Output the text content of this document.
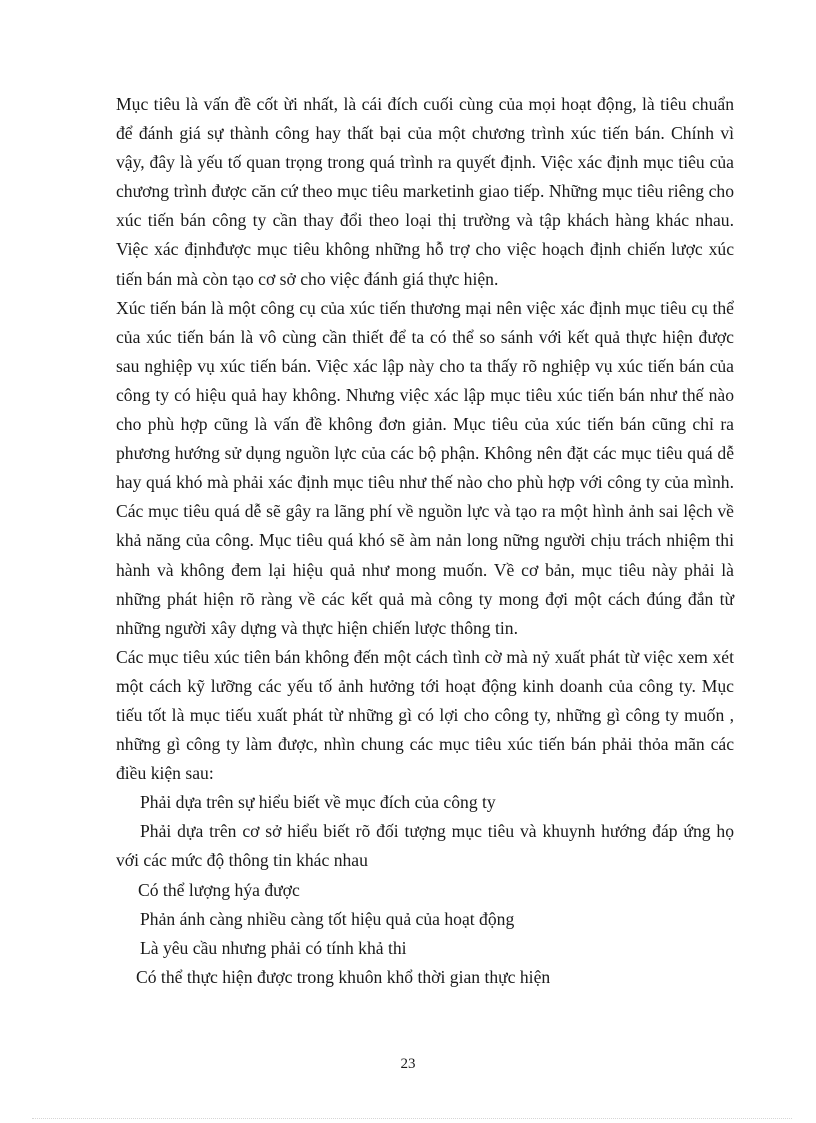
Mục tiêu là vấn đề cốt ừi nhất, là cái đích cuối cùng của mọi hoạt động, là tiêu chuẩn để đánh giá sự thành công hay thất bại của một chương trình xúc tiến bán. Chính vì vậy, đây là yếu tố quan trọng trong quá trình ra quyết định. Việc xác định mục tiêu của chương trình được căn cứ theo mục tiêu marketinh giao tiếp. Những mục tiêu riêng cho xúc tiến bán công ty cần thay đổi theo loại thị trường và tập khách hàng khác nhau. Việc xác địnhđược mục tiêu không những hỗ trợ cho việc hoạch định chiến lược xúc tiến bán mà còn tạo cơ sở cho việc đánh giá thực hiện.

Xúc tiến bán là một công cụ của xúc tiến thương mại nên việc xác định mục tiêu cụ thể của xúc tiến bán là vô cùng cần thiết để ta có thể so sánh với kết quả thực hiện được sau nghiệp vụ xúc tiến bán. Việc xác lập này cho ta thấy rõ nghiệp vụ xúc tiến bán của công ty có hiệu quả hay không. Nhưng việc xác lập mục tiêu xúc tiến bán như thế nào cho phù hợp cũng là vấn đề không đơn giản. Mục tiêu của xúc tiến bán cũng chỉ ra phương hướng sử dụng nguồn lực của các bộ phận. Không nên đặt các mục tiêu quá dễ hay quá khó mà phải xác định mục tiêu như thế nào cho phù hợp với công ty của mình. Các mục tiêu quá dễ sẽ gây ra lãng phí về nguồn lực và tạo ra một hình ảnh sai lệch về khả năng của công. Mục tiêu quá khó sẽ àm nản long nững người chịu trách nhiệm thi hành và không đem lại hiệu quả như mong muốn. Về cơ bản, mục tiêu này phải là những phát hiện rõ ràng về các kết quả mà công ty mong đợi một cách đúng đắn từ những người xây dựng và thực hiện chiến lược thông tin.

Các mục tiêu xúc tiên bán không đến một cách tình cờ mà nỷ xuất phát từ việc xem xét một cách kỹ lưỡng các yếu tố ảnh hưởng tới hoạt động kinh doanh của công ty. Mục tiếu tốt là mục tiếu xuất phát từ những gì có lợi cho công ty, những gì công ty muốn , những gì công ty làm được, nhìn chung các mục tiêu xúc tiến bán phải thỏa mãn các điều kiện sau:

Phải dựa trên sự hiểu biết về mục đích của công ty

Phải dựa trên cơ sở hiểu biết rõ đối tượng mục tiêu và khuynh hướng đáp ứng họ với các mức độ thông tin khác nhau

Có thể lượng hýa được

Phản ánh càng nhiều càng tốt hiệu quả của hoạt động

Là yêu cầu nhưng phải có tính khả thi

Có thể thực hiện được trong khuôn khổ thời gian thực hiện

23
